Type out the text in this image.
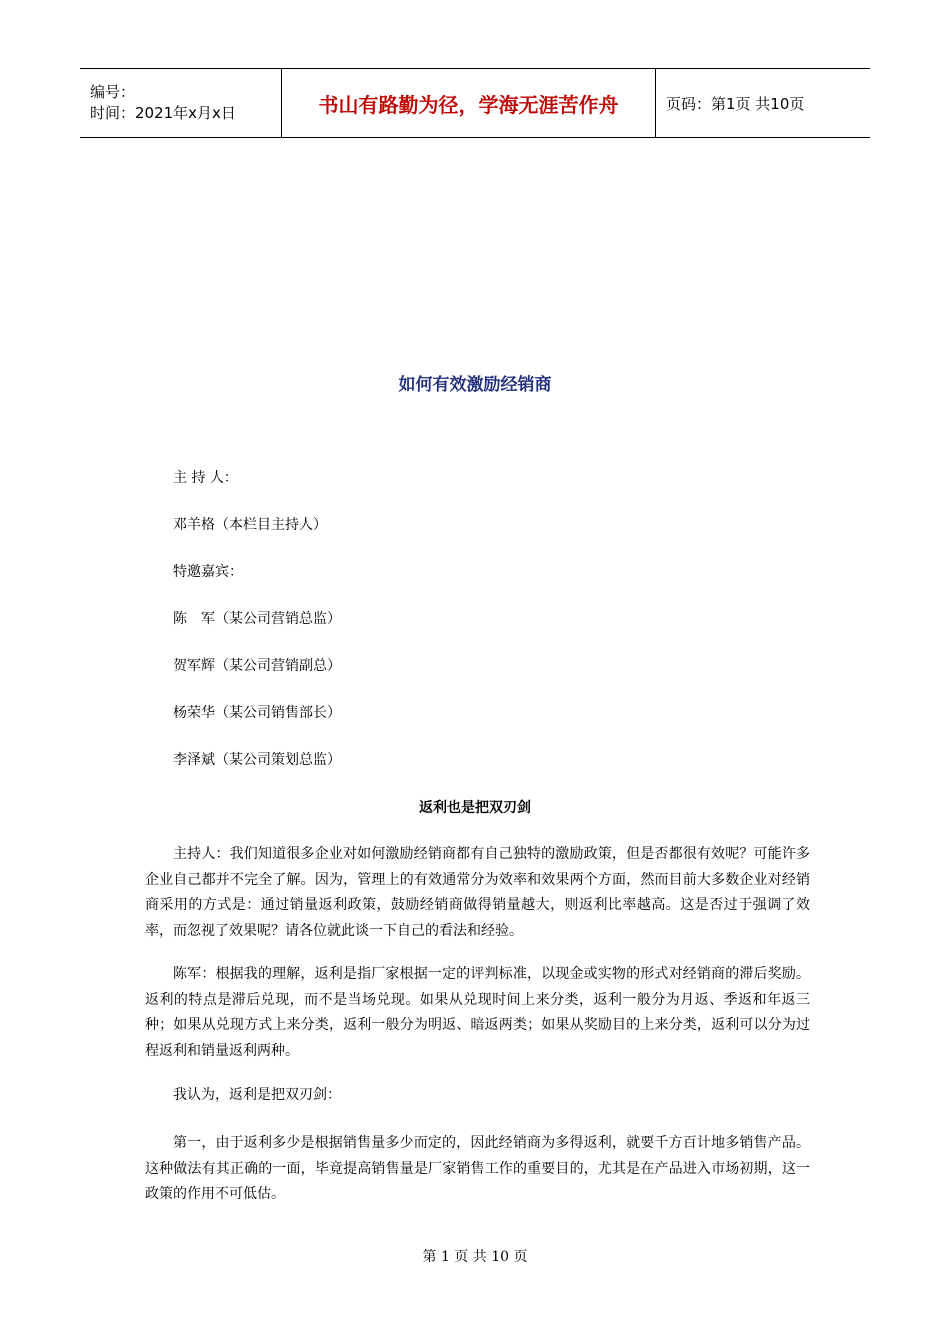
编号：
时间：2021年x月x日	书山有路勤为径，学海无涯苦作舟	页码：第1页 共10页
如何有效激励经销商
主 持 人：
邓羊格（本栏目主持人）
特邀嘉宾：
陈　军（某公司营销总监）
贺军辉（某公司营销副总）
杨荣华（某公司销售部长）
李泽斌（某公司策划总监）
返利也是把双刃剑
主持人：我们知道很多企业对如何激励经销商都有自己独特的激励政策，但是否都很有效呢？可能许多企业自己都并不完全了解。因为，管理上的有效通常分为效率和效果两个方面，然而目前大多数企业对经销商采用的方式是：通过销量返利政策，鼓励经销商做得销量越大，则返利比率越高。这是否过于强调了效率，而忽视了效果呢？请各位就此谈一下自己的看法和经验。
陈军：根据我的理解，返利是指厂家根据一定的评判标准，以现金或实物的形式对经销商的滞后奖励。返利的特点是滞后兑现，而不是当场兑现。如果从兑现时间上来分类，返利一般分为月返、季返和年返三种；如果从兑现方式上来分类，返利一般分为明返、暗返两类；如果从奖励目的上来分类，返利可以分为过程返利和销量返利两种。
我认为，返利是把双刃剑：
第一，由于返利多少是根据销售量多少而定的，因此经销商为多得返利，就要千方百计地多销售产品。这种做法有其正确的一面，毕竟提高销售量是厂家销售工作的重要目的，尤其是在产品进入市场初期，这一政策的作用不可低估。
第 1 页 共 10 页
